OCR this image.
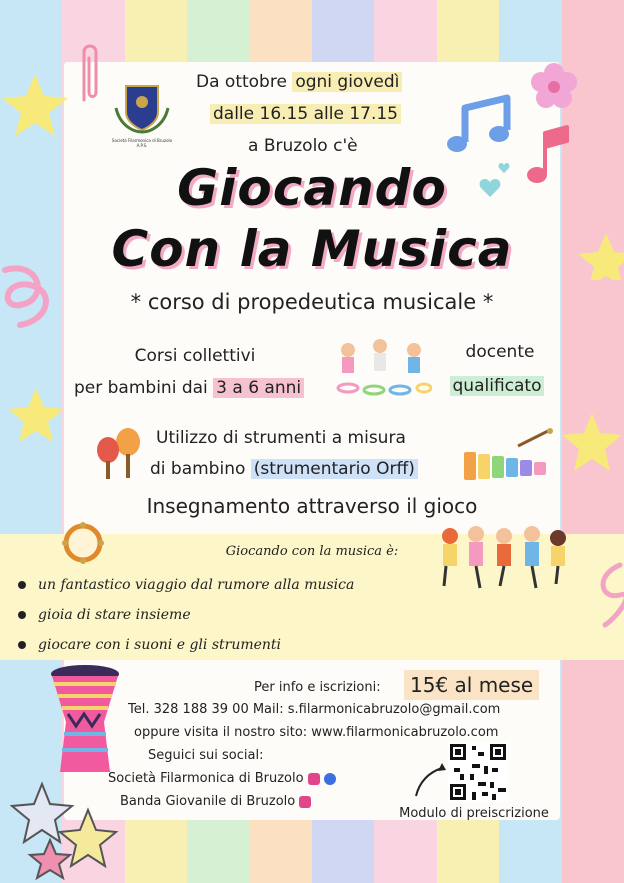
Società Filarmonica di Bruzolo
A.P.S.
Da ottobre ogni giovedì
dalle 16.15 alle 17.15
a Bruzolo c'è
Giocando
Con la Musica
* corso di propedeutica musicale *
Corsi collettivi
per bambini dai 3 a 6 anni
docente
qualificato
Utilizzo di strumenti a misura
di bambino (strumentario Orff)
Insegnamento attraverso il gioco
Giocando con la musica è:
un fantastico viaggio dal rumore alla musica
gioia di stare insieme
giocare con i suoni e gli strumenti
Per info e iscrizioni:	15€ al mese
Tel. 328 188 39 00 Mail: s.filarmonicabruzolo@gmail.com
oppure visita il nostro sito: www.filarmonicabruzolo.com
Seguici sui social:
Società Filarmonica di Bruzolo
Banda Giovanile di Bruzolo
Modulo di preiscrizione
